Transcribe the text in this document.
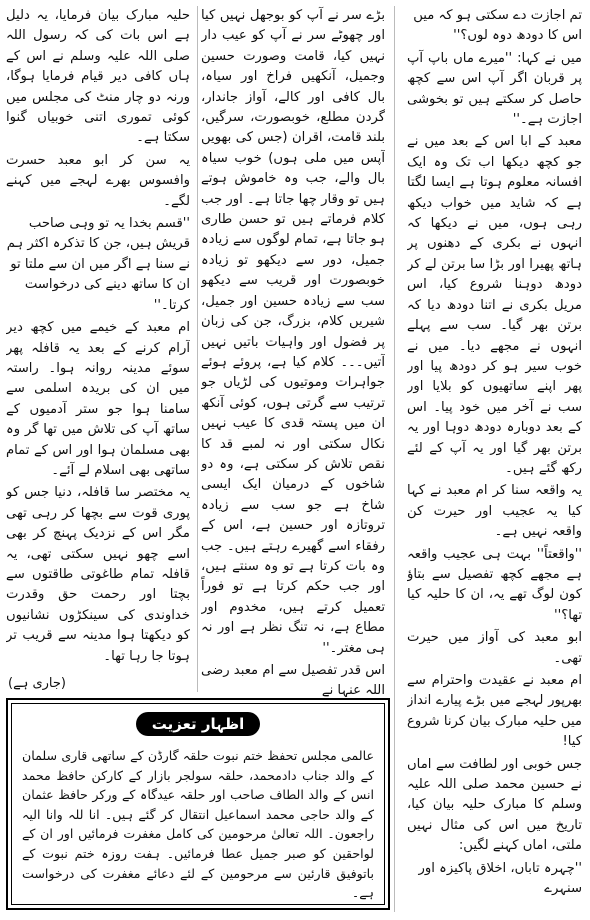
تم اجازت دے سکتی ہو کہ میں اس کا دودھ دوہ لوں؟''

میں نے کہا: ''میرے ماں باپ آپ پر قربان اگر آپ اس سے کچھ حاصل کر سکتے ہیں تو بخوشی اجازت ہے۔''

معبد کے ابا اس کے بعد میں نے جو کچھ دیکھا اب تک وہ ایک افسانہ معلوم ہوتا ہے ایسا لگتا ہے کہ شاید میں خواب دیکھ رہی ہوں، میں نے دیکھا کہ انہوں نے بکری کے دھنوں پر ہاتھ پھیرا اور بڑا سا برتن لے کر دودھ دوہنا شروع کیا، اس مریل بکری نے اتنا دودھ دیا کہ برتن بھر گیا۔ سب سے پہلے انہوں نے مجھے دیا۔ میں نے خوب سیر ہو کر دودھ پیا اور پھر اپنے ساتھیوں کو بلایا اور سب نے آخر میں خود پیا۔ اس کے بعد دوبارہ دودھ دوہا اور یہ برتن بھر گیا اور یہ آپ کے لئے رکھ گئے ہیں۔

یہ واقعہ سنا کر ام معبد نے کہا کیا یہ عجیب اور حیرت کن واقعہ نہیں ہے۔

''واقعتاً'' بہت ہی عجیب واقعہ ہے مجھے کچھ تفصیل سے بتاؤ کون لوگ تھے یہ، ان کا حلیہ کیا تھا؟''

ابو معبد کی آواز میں حیرت تھی۔

ام معبد نے عقیدت واحترام سے بھرپور لہجے میں بڑے پیارے انداز میں حلیہ مبارک بیان کرنا شروع کیا!

جس خوبی اور لطافت سے اماں نے حسین محمد صلی اللہ علیہ وسلم کا مبارک حلیہ بیان کیا، تاریخ میں اس کی مثال نہیں ملتی، اماں کہنے لگیں:

''چہرہ تاباں، اخلاق پاکیزہ اور سنہرے

بڑے سر نے آپ کو بوجھل نہیں کیا اور چھوٹے سر نے آپ کو عیب دار نہیں کیا، قامت وصورت حسین وجمیل، آنکھیں فراخ اور سیاہ، بال کافی اور کالے، آواز جاندار، گردن مطلع، خوبصورت، سرگیں، بلند قامت، اقران (جس کی بھویں آپس میں ملی ہوں) خوب سیاہ بال والے، جب وہ خاموش ہوتے ہیں تو وقار چھا جاتا ہے۔ اور جب کلام فرماتے ہیں تو حسن طاری ہو جاتا ہے، تمام لوگوں سے زیادہ جمیل، دور سے دیکھو تو زیادہ خوبصورت اور قریب سے دیکھو سب سے زیادہ حسین اور جمیل، شیریں کلام، بزرگ، جن کی زبان پر فضول اور واہیات باتیں نہیں آتیں۔۔۔ کلام کیا ہے، پروئے ہوئے جواہرات وموتیوں کی لڑیاں جو ترتیب سے گرتی ہوں، کوئی آنکھ ان میں پستہ قدی کا عیب نہیں نکال سکتی اور نہ لمبے قد کا نقص تلاش کر سکتی ہے، وہ دو شاخوں کے درمیان ایک ایسی شاخ ہے جو سب سے زیادہ تروتازہ اور حسین ہے، اس کے رفقاء اسے گھیرے رہتے ہیں۔ جب وہ بات کرتا ہے تو وہ سنتے ہیں، اور جب حکم کرتا ہے تو فوراً تعمیل کرتے ہیں، مخدوم اور مطاع ہے، نہ تنگ نظر ہے اور نہ ہی مغتر۔''

اس قدر تفصیل سے ام معبد رضی اللہ عنہا نے

حلیہ مبارک بیان فرمایا، یہ دلیل ہے اس بات کی کہ رسول اللہ صلی اللہ علیہ وسلم نے اس کے ہاں کافی دیر قیام فرمایا ہوگا، ورنہ دو چار منٹ کی مجلس میں کوئی تموری اتنی خوبیاں گنوا سکتا ہے۔

یہ سن کر ابو معبد حسرت وافسوس بھرے لہجے میں کہنے لگے۔

''قسم بخدا یہ تو وہی صاحب قریش ہیں، جن کا تذکرہ اکثر ہم نے سنا ہے اگر میں ان سے ملتا تو ان کا ساتھ دینے کی درخواست کرتا۔''

ام معبد کے خیمے میں کچھ دیر آرام کرنے کے بعد یہ قافلہ پھر سوئے مدینہ روانہ ہوا۔ راستہ میں ان کی بریدہ اسلمی سے سامنا ہوا جو ستر آدمیوں کے ساتھ آپ کی تلاش میں تھا گر وہ بھی مسلمان ہوا اور اس کے تمام ساتھی بھی اسلام لے آئے۔

یہ مختصر سا قافلہ، دنیا جس کو پوری قوت سے بچھا کر رہی تھی مگر اس کے نزدیک پہنچ کر بھی اسے چھو نہیں سکتی تھی، یہ قافلہ تمام طاغوتی طاقتوں سے بچتا اور رحمت حق وقدرت خداوندی کی سینکڑوں نشانیوں کو دیکھتا ہوا مدینہ سے قریب تر ہوتا جا رہا تھا۔

(جاری ہے)
اظہار تعزیت
عالمی مجلس تحفظ ختم نبوت حلقہ گارڈن کے ساتھی قاری سلمان کے والد جناب دادمحمد، حلقہ سولجر بازار کے کارکن حافظ محمد انس کے والد الطاف صاحب اور حلقہ عیدگاہ کے ورکر حافظ عثمان کے والد حاجی محمد اسماعیل انتقال کر گئے ہیں۔ انا للہ وانا الیہ راجعون۔ اللہ تعالیٰ مرحومین کی کامل مغفرت فرمائیں اور ان کے لواحقین کو صبر جمیل عطا فرمائیں۔ ہفت روزہ ختم نبوت کے باتوفیق قارئین سے مرحومین کے لئے دعائے مغفرت کی درخواست ہے۔
